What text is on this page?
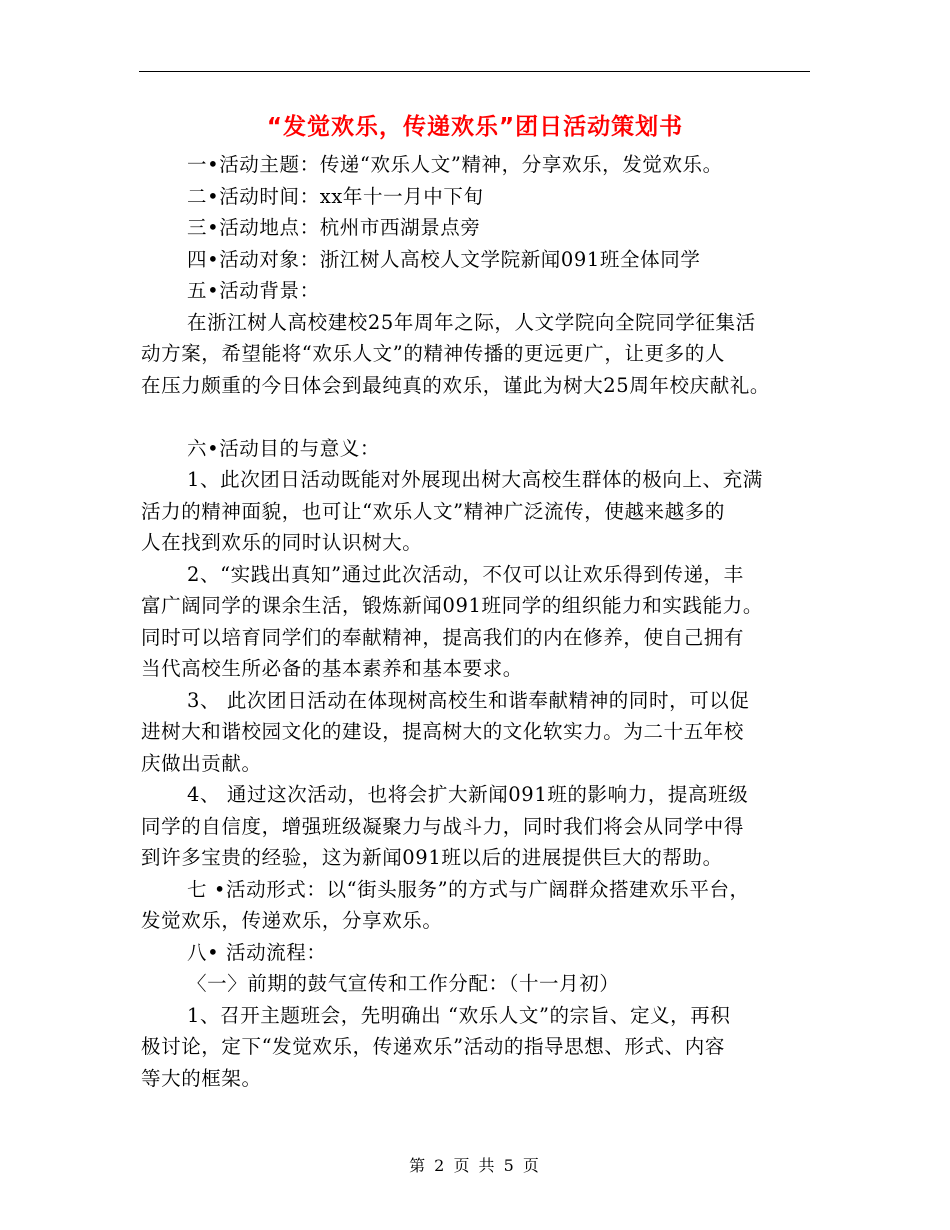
“发觉欢乐，传递欢乐”团日活动策划书
一•活动主题：传递“欢乐人文”精神，分享欢乐，发觉欢乐。
二•活动时间：xx年十一月中下旬
三•活动地点：杭州市西湖景点旁
四•活动对象：浙江树人高校人文学院新闻091班全体同学
五•活动背景：
在浙江树人高校建校25年周年之际，人文学院向全院同学征集活
动方案，希望能将“欢乐人文”的精神传播的更远更广，让更多的人
在压力颇重的今日体会到最纯真的欢乐，谨此为树大25周年校庆献礼。
六•活动目的与意义：
1、此次团日活动既能对外展现出树大高校生群体的极向上、充满
活力的精神面貌，也可让“欢乐人文”精神广泛流传，使越来越多的
人在找到欢乐的同时认识树大。
2、“实践出真知”通过此次活动，不仅可以让欢乐得到传递，丰
富广阔同学的课余生活，锻炼新闻091班同学的组织能力和实践能力。
同时可以培育同学们的奉献精神，提高我们的内在修养，使自己拥有
当代高校生所必备的基本素养和基本要求。
3、 此次团日活动在体现树高校生和谐奉献精神的同时，可以促
进树大和谐校园文化的建设，提高树大的文化软实力。为二十五年校
庆做出贡献。
4、 通过这次活动，也将会扩大新闻091班的影响力，提高班级
同学的自信度，增强班级凝聚力与战斗力，同时我们将会从同学中得
到许多宝贵的经验，这为新闻091班以后的进展提供巨大的帮助。
七 •活动形式：以“街头服务”的方式与广阔群众搭建欢乐平台，
发觉欢乐，传递欢乐，分享欢乐。
八• 活动流程：
〈一〉前期的鼓气宣传和工作分配：（十一月初）
1、召开主题班会，先明确出 “欢乐人文”的宗旨、定义，再积
极讨论，定下“发觉欢乐，传递欢乐”活动的指导思想、形式、内容
等大的框架。
第 2 页 共 5 页
